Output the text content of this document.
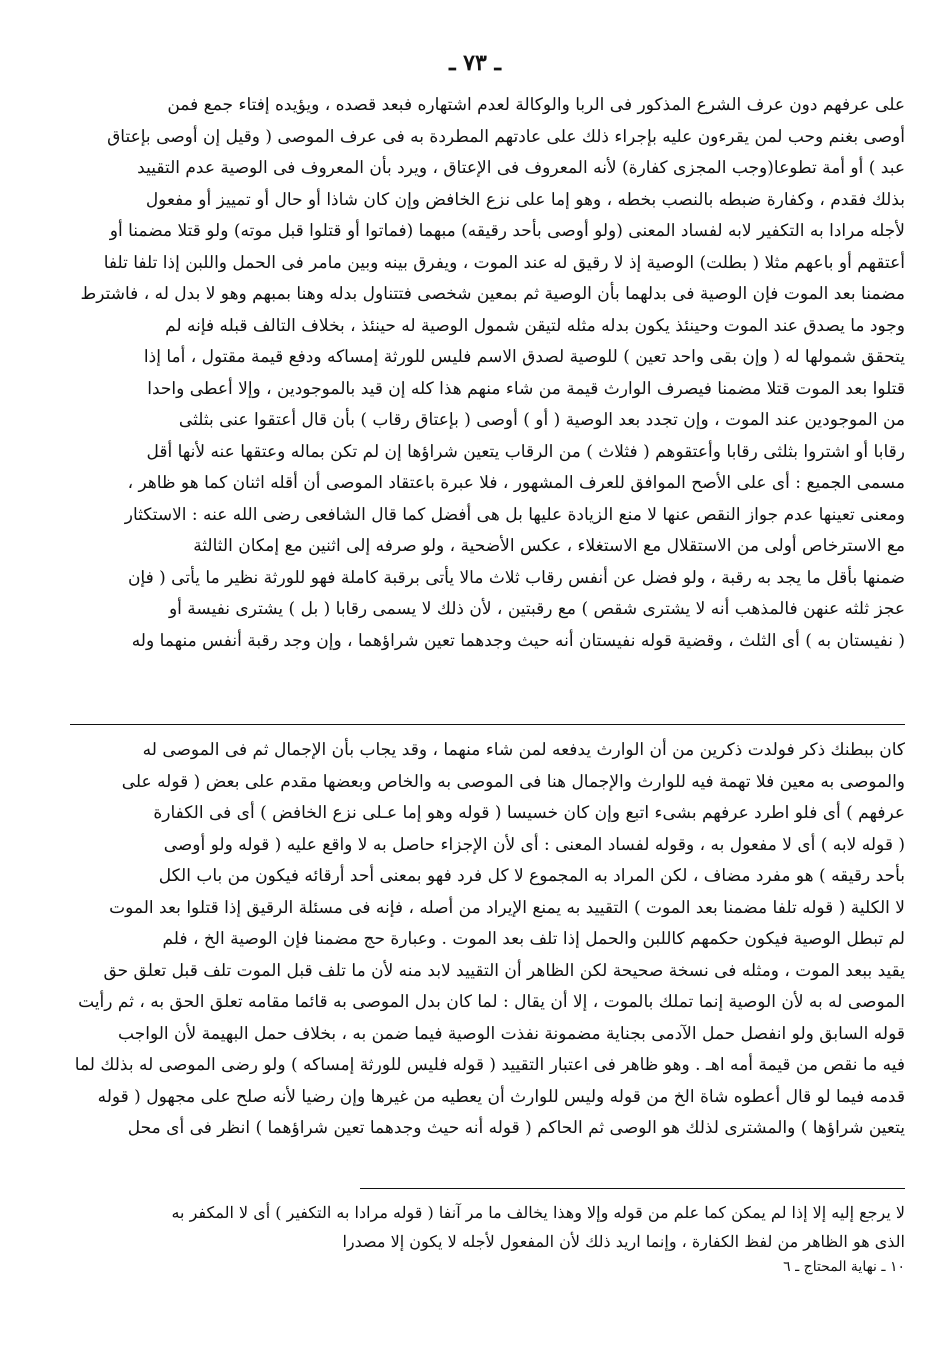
ـ ٧٣ ـ
على عرفهم دون عرف الشرع المذكور فى الربا والوكالة لعدم اشتهاره فبعد قصده ، ويؤيده إفتاء جمع فمن
أوصى بغنم وحب لمن يقرءون عليه بإجراء ذلك على عادتهم المطردة به فى عرف الموصى ( وقيل إن أوصى بإعتاق
عبد ) أو أمة تطوعا(وجب المجزى كفارة) لأنه المعروف فى الإعتاق ، ويرد بأن المعروف فى الوصية عدم التقييد
بذلك فقدم ، وكفارة ضبطه بالنصب بخطه ، وهو إما على نزع الخافض وإن كان شاذا أو حال أو تمييز أو مفعول
لأجله مرادا به التكفير لابه لفساد المعنى (ولو أوصى بأحد رقيقه) مبهما (فماتوا أو قتلوا قبل موته) ولو قتلا مضمنا أو
أعتقهم أو باعهم مثلا ( بطلت) الوصية إذ لا رقيق له عند الموت ، ويفرق بينه وبين مامر فى الحمل واللبن إذا تلفا تلفا
مضمنا بعد الموت فإن الوصية فى بدلهما بأن الوصية ثم بمعين شخصى فتتناول بدله وهنا بمبهم وهو لا بدل له ، فاشترط
وجود ما يصدق عند الموت وحينئذ يكون بدله مثله لتيقن شمول الوصية له حينئذ ، بخلاف التالف قبله فإنه لم
يتحقق شمولها له ( وإن بقى واحد تعين ) للوصية لصدق الاسم فليس للورثة إمساكه ودفع قيمة مقتول ، أما إذا
قتلوا بعد الموت قتلا مضمنا فيصرف الوارث قيمة من شاء منهم هذا كله إن قيد بالموجودين ، وإلا أعطى واحدا
من الموجودين عند الموت ، وإن تجدد بعد الوصية ( أو ) أوصى ( بإعتاق رقاب ) بأن قال أعتقوا عنى بثلثى
رقابا أو اشتروا بثلثى رقابا وأعتقوهم ( فثلاث ) من الرقاب يتعين شراؤها إن لم تكن بماله وعتقها عنه لأنها أقل
مسمى الجميع : أى على الأصح الموافق للعرف المشهور ، فلا عبرة باعتقاد الموصى أن أقله اثنان كما هو ظاهر ،
ومعنى تعينها عدم جواز النقص عنها لا منع الزيادة عليها بل هى أفضل كما قال الشافعى رضى الله عنه : الاستكثار
مع الاسترخاص أولى من الاستقلال مع الاستغلاء ، عكس الأضحية ، ولو صرفه إلى اثنين مع إمكان الثالثة
ضمنها بأقل ما يجد به رقبة ، ولو فضل عن أنفس رقاب ثلاث مالا يأتى برقبة كاملة فهو للورثة نظير ما يأتى ( فإن
عجز ثلثه عنهن فالمذهب أنه لا يشترى شقص ) مع رقبتين ، لأن ذلك لا يسمى رقابا ( بل ) يشترى نفيسة أو
( نفيستان به ) أى الثلث ، وقضية قوله نفيستان أنه حيث وجدهما تعين شراؤهما ، وإن وجد رقبة أنفس منهما وله
كان ببطنك ذكر فولدت ذكرين من أن الوارث يدفعه لمن شاء منهما ، وقد يجاب بأن الإجمال ثم فى الموصى له
والموصى به معين فلا تهمة فيه للوارث والإجمال هنا فى الموصى به والخاص وبعضها مقدم على بعض ( قوله على
عرفهم ) أى فلو اطرد عرفهم بشىء اتبع وإن كان خسيسا ( قوله وهو إما عـلى نزع الخافض ) أى فى الكفارة
( قوله لابه ) أى لا مفعول به ، وقوله لفساد المعنى : أى لأن الإجزاء حاصل به لا واقع عليه ( قوله ولو أوصى
بأحد رقيقه ) هو مفرد مضاف ، لكن المراد به المجموع لا كل فرد فهو بمعنى أحد أرقائه فيكون من باب الكل
لا الكلية ( قوله تلفا مضمنا بعد الموت ) التقييد به يمنع الإيراد من أصله ، فإنه فى مسئلة الرقيق إذا قتلوا بعد الموت
لم تبطل الوصية فيكون حكمهم كاللبن والحمل إذا تلف بعد الموت . وعبارة حج مضمنا فإن الوصية الخ ، فلم
يقيد ببعد الموت ، ومثله فى نسخة صحيحة لكن الظاهر أن التقييد لابد منه لأن ما تلف قبل الموت تلف قبل تعلق حق
الموصى له به لأن الوصية إنما تملك بالموت ، إلا أن يقال : لما كان بدل الموصى به قائما مقامه تعلق الحق به ، ثم رأيت
قوله السابق ولو انفصل حمل الآدمى بجناية مضمونة نفذت الوصية فيما ضمن به ، بخلاف حمل البهيمة لأن الواجب
فيه ما نقص من قيمة أمه اهـ . وهو ظاهر فى اعتبار التقييد ( قوله فليس للورثة إمساكه ) ولو رضى الموصى له بذلك لما
قدمه فيما لو قال أعطوه شاة الخ من قوله وليس للوارث أن يعطيه من غيرها وإن رضيا لأنه صلح على مجهول ( قوله
يتعين شراؤها ) والمشترى لذلك هو الوصى ثم الحاكم ( قوله أنه حيث وجدهما تعين شراؤهما ) انظر فى أى محل
لا يرجع إليه إلا إذا لم يمكن كما علم من قوله وإلا وهذا يخالف ما مر آنفا ( قوله مرادا به التكفير ) أى لا المكفر به
الذى هو الظاهر من لفظ الكفارة ، وإنما اريد ذلك لأن المفعول لأجله لا يكون إلا مصدرا
١٠ ـ نهاية المحتاج ـ ٦
